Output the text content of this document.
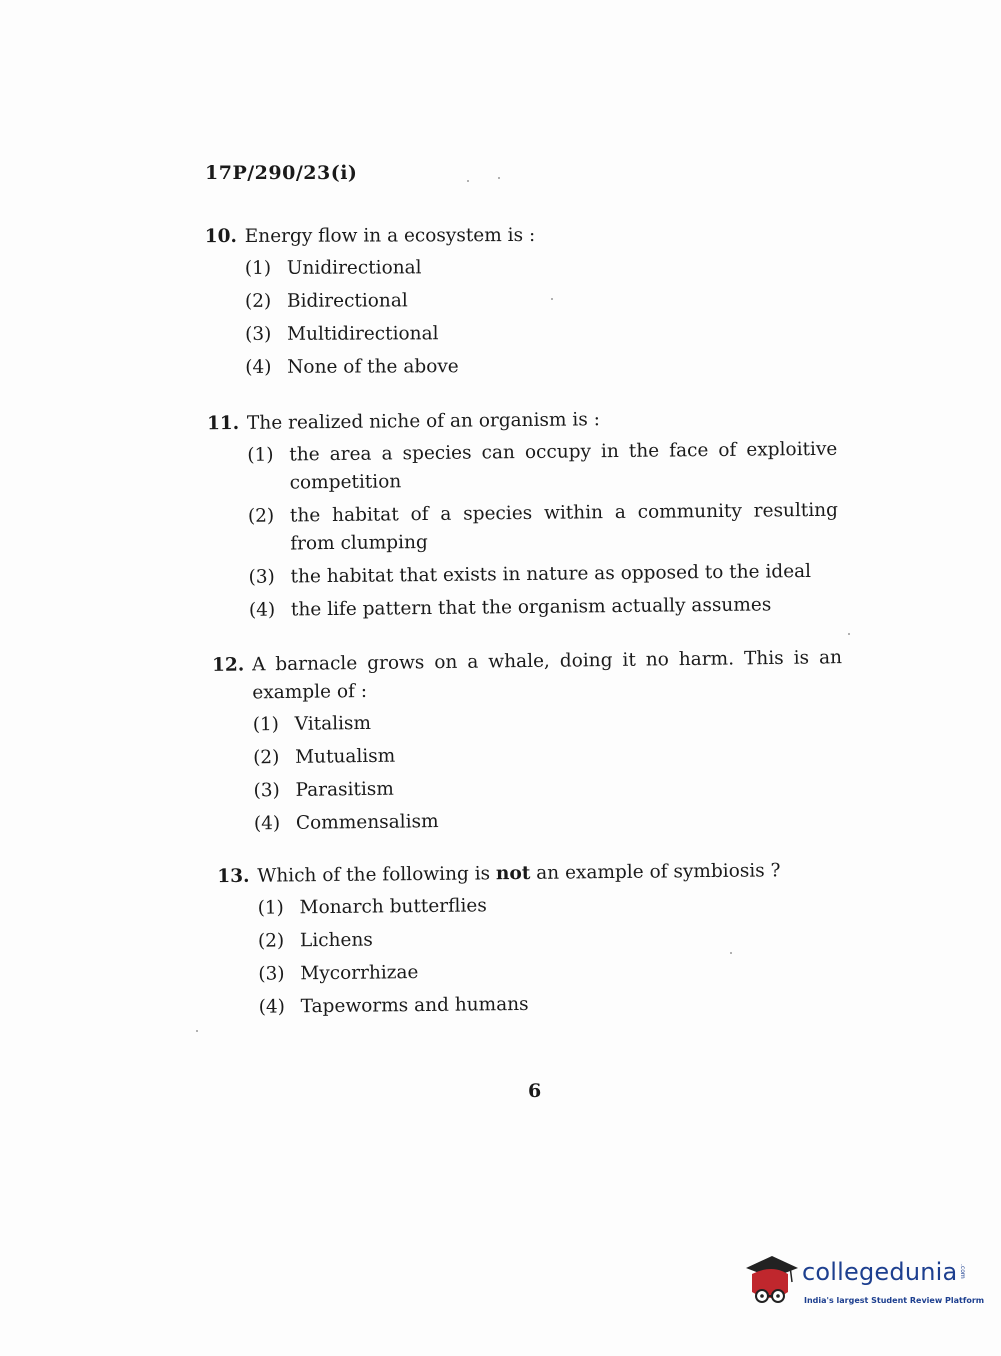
17P/290/23(i)
10. Energy flow in a ecosystem is :
(1) Unidirectional
(2) Bidirectional
(3) Multidirectional
(4) None of the above
11. The realized niche of an organism is :
(1) the area a species can occupy in the face of exploitive competition
(2) the habitat of a species within a community resulting from clumping
(3) the habitat that exists in nature as opposed to the ideal
(4) the life pattern that the organism actually assumes
12. A barnacle grows on a whale, doing it no harm. This is an example of :
(1) Vitalism
(2) Mutualism
(3) Parasitism
(4) Commensalism
13. Which of the following is not an example of symbiosis ?
(1) Monarch butterflies
(2) Lichens
(3) Mycorrhizae
(4) Tapeworms and humans
6
collegedunia .com
India's largest Student Review Platform
